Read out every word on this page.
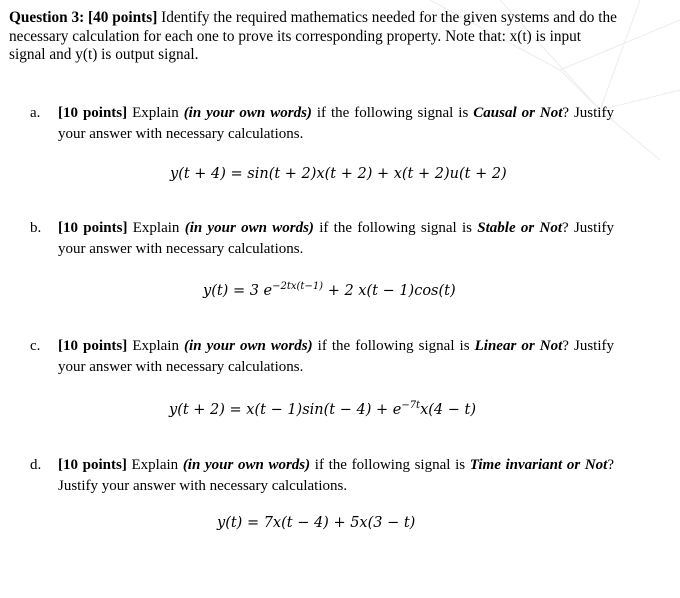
Question 3: [40 points] Identify the required mathematics needed for the given systems and do the necessary calculation for each one to prove its corresponding property. Note that: x(t) is input signal and y(t) is output signal.
a. [10 points] Explain (in your own words) if the following signal is Causal or Not? Justify your answer with necessary calculations.
y(t + 4) = sin(t + 2)x(t + 2) + x(t + 2)u(t + 2)
b. [10 points] Explain (in your own words) if the following signal is Stable or Not? Justify your answer with necessary calculations.
y(t) = 3 $e^{-2tx(t-1)} + 2$ x(t − 1)cos(t)
c. [10 points] Explain (in your own words) if the following signal is Linear or Not? Justify your answer with necessary calculations.
$y(t + 2) = x(t - 1)\sin(t - 4) + e^{-7t}x(4 - t)$
d. [10 points] Explain (in your own words) if the following signal is Time invariant or Not? Justify your answer with necessary calculations.
y(t) = 7x(t − 4) + 5x(3 − t)
